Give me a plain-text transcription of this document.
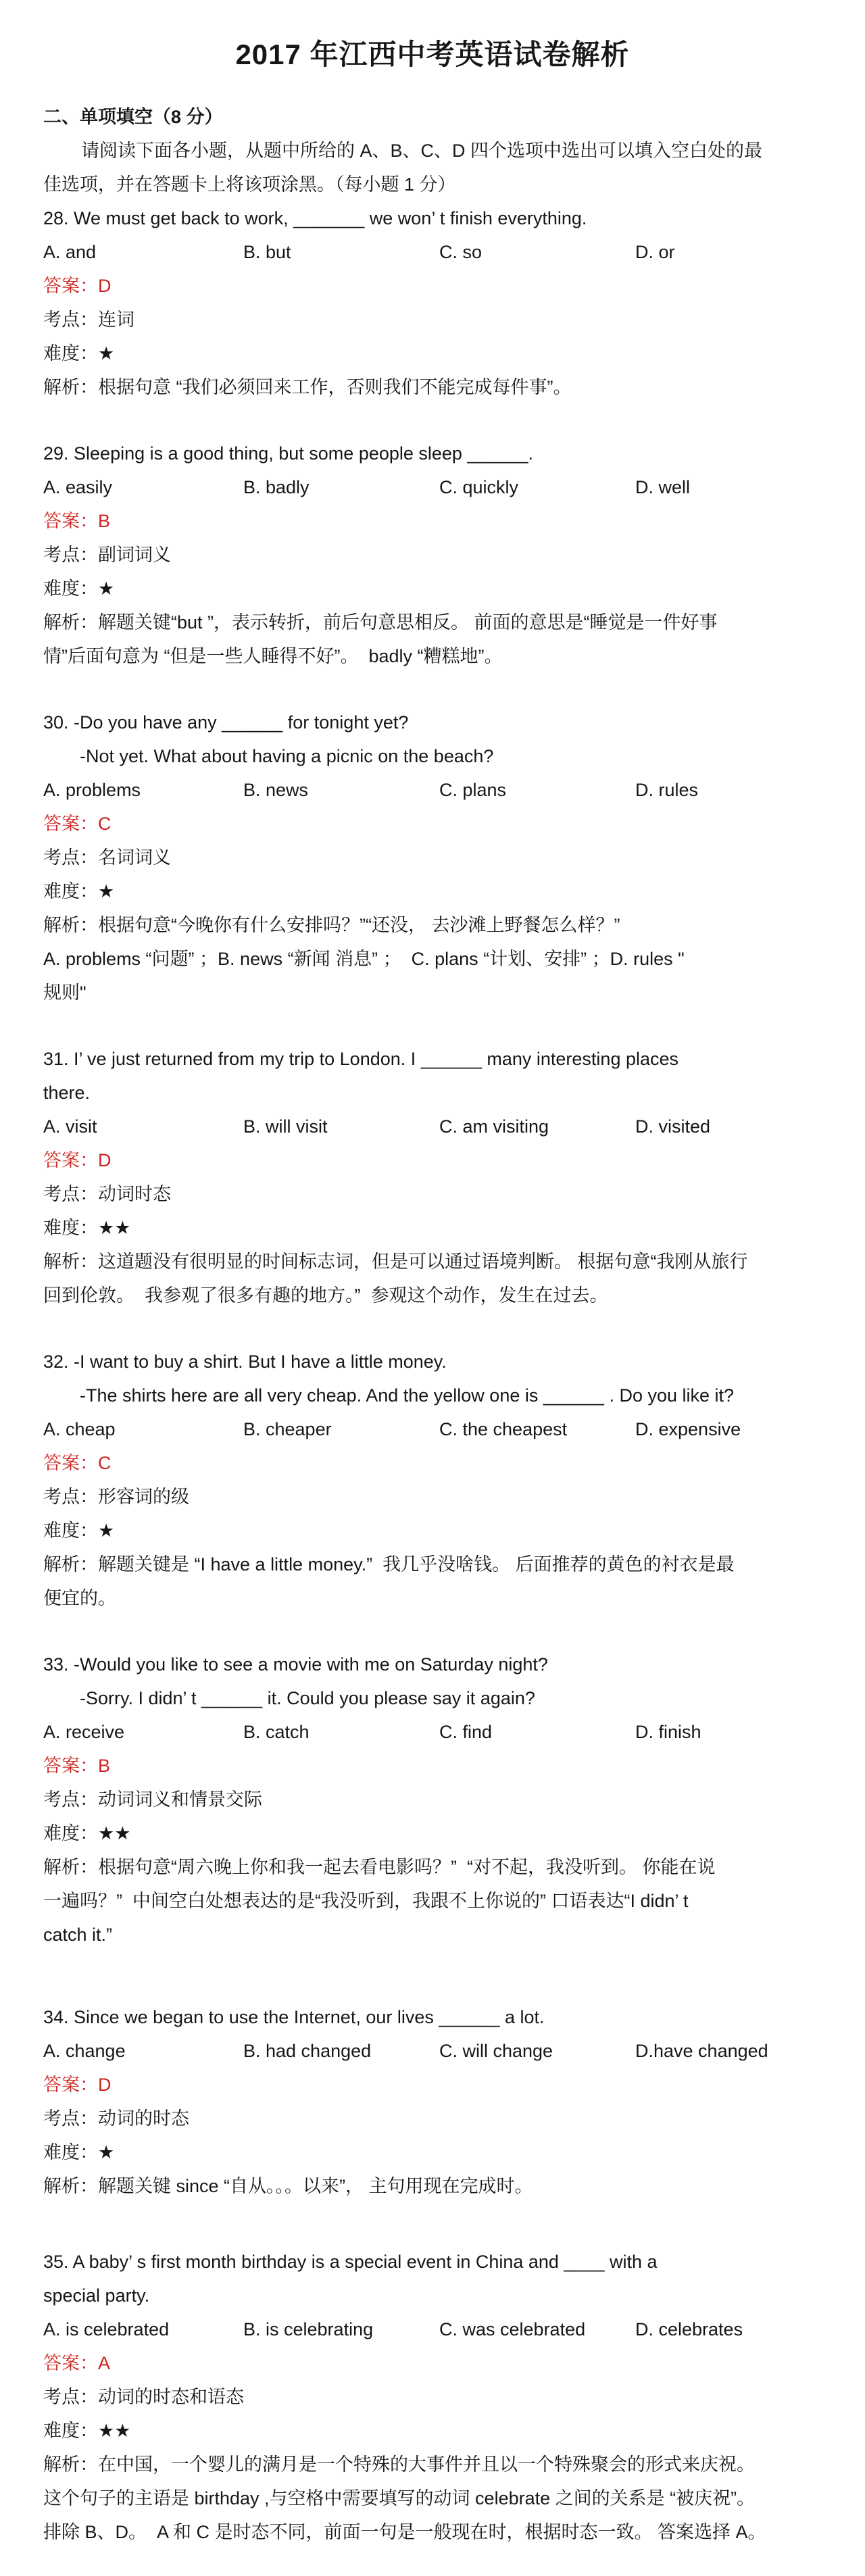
2017 年江西中考英语试卷解析
二、单项填空（8 分）
请阅读下面各小题，从题中所给的 A、B、C、D 四个选项中选出可以填入空白处的最
佳选项，并在答题卡上将该项涂黑。（每小题 1 分）
28. We must get back to work, _______ we won’ t finish everything.
A. and	B. but	C. so	D. or
答案：D
考点：连词
难度：★
解析：根据句意 “我们必须回来工作，否则我们不能完成每件事”。
29. Sleeping is a good thing, but some people sleep ______.
A. easily	B. badly	C. quickly	D. well
答案：B
考点：副词词义
难度：★
解析：解题关键“but ”，表示转折，前后句意思相反。 前面的意思是“睡觉是一件好事
情”后面句意为 “但是一些人睡得不好”。  badly “糟糕地”。
30. -Do you have any ______ for tonight yet?
-Not yet. What about having a picnic on the beach?
A. problems	B. news	C. plans	D. rules
答案：C
考点：名词词义
难度：★
解析：根据句意“今晚你有什么安排吗？”“还没， 去沙滩上野餐怎么样？”
A. problems “问题” ；B. news “新闻 消息” ；  C. plans “计划、安排” ；D. rules "
规则"
31. I’ ve just returned from my trip to London. I ______ many interesting places
there.
A. visit	B. will visit	C. am visiting	D. visited
答案：D
考点：动词时态
难度：★★
解析：这道题没有很明显的时间标志词，但是可以通过语境判断。 根据句意“我刚从旅行
回到伦敦。  我参观了很多有趣的地方。”  参观这个动作，发生在过去。
32. -I want to buy a shirt. But I have a little money.
-The shirts here are all very cheap. And the yellow one is ______ . Do you like it?
A. cheap	B. cheaper	C. the cheapest	D. expensive
答案：C
考点：形容词的级
难度：★
解析：解题关键是 “I have a little money.”  我几乎没啥钱。 后面推荐的黄色的衬衣是最
便宜的。
33. -Would you like to see a movie with me on Saturday night?
-Sorry. I didn’ t ______ it. Could you please say it again?
A. receive	B. catch	C. find	D. finish
答案：B
考点：动词词义和情景交际
难度：★★
解析：根据句意“周六晚上你和我一起去看电影吗？”  “对不起，我没听到。 你能在说
一遍吗？”  中间空白处想表达的是“我没听到，我跟不上你说的” 口语表达“I didn’ t
catch it.”
34. Since we began to use the Internet, our lives ______ a lot.
A. change	B. had changed	C. will change	D.have changed
答案：D
考点：动词的时态
难度：★
解析：解题关键 since “自从。。。以来”， 主句用现在完成时。
35. A baby’ s first month birthday is a special event in China and ____ with a
special party.
A. is celebrated	B. is celebrating	C. was celebrated	D. celebrates
答案：A
考点：动词的时态和语态
难度：★★
解析：在中国，一个婴儿的满月是一个特殊的大事件并且以一个特殊聚会的形式来庆祝。
这个句子的主语是 birthday ,与空格中需要填写的动词 celebrate 之间的关系是 “被庆祝”。
排除 B、D。  A 和 C 是时态不同，前面一句是一般现在时，根据时态一致。 答案选择 A。
